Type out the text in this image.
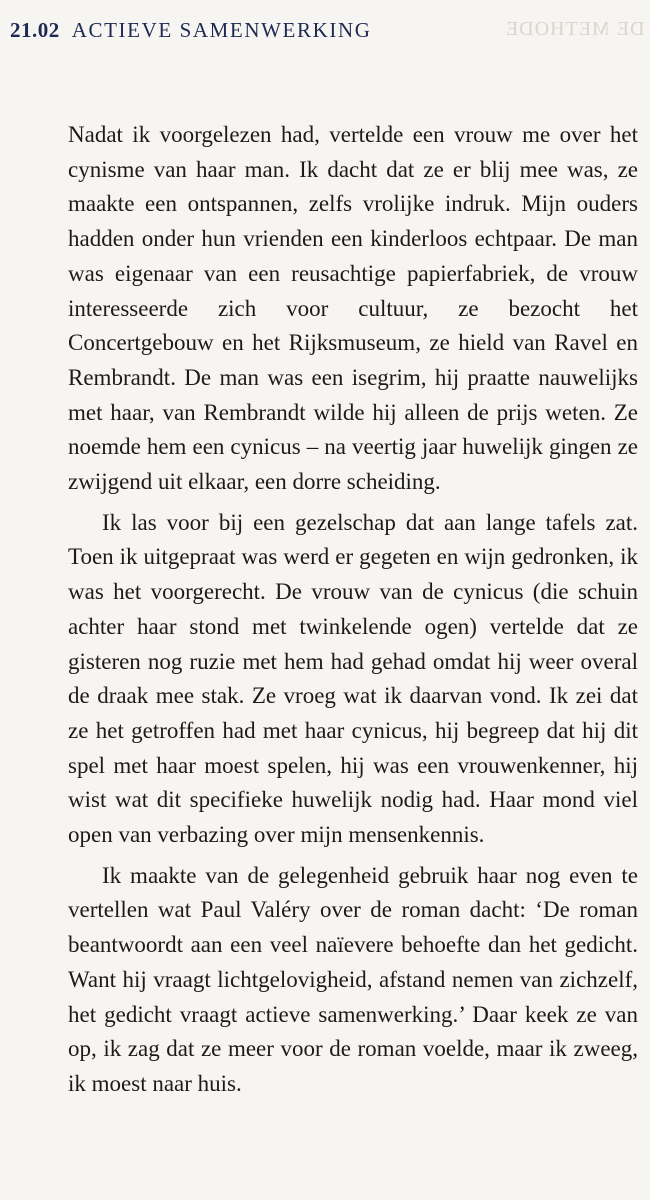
21.02 ACTIEVE SAMENWERKING	DE METHODE

Nadat ik voorgelezen had, vertelde een vrouw me over het cynisme van haar man. Ik dacht dat ze er blij mee was, ze maakte een ontspannen, zelfs vrolijke indruk. Mijn ouders hadden onder hun vrienden een kinderloos echtpaar. De man was eigenaar van een reusachtige papierfabriek, de vrouw interesseerde zich voor cultuur, ze bezocht het Concertgebouw en het Rijksmuseum, ze hield van Ravel en Rembrandt. De man was een isegrim, hij praatte nauwelijks met haar, van Rembrandt wilde hij alleen de prijs weten. Ze noemde hem een cynicus – na veertig jaar huwelijk gingen ze zwijgend uit elkaar, een dorre scheiding.

Ik las voor bij een gezelschap dat aan lange tafels zat. Toen ik uitgepraat was werd er gegeten en wijn gedronken, ik was het voorgerecht. De vrouw van de cynicus (die schuin achter haar stond met twinkelende ogen) vertelde dat ze gisteren nog ruzie met hem had gehad omdat hij weer overal de draak mee stak. Ze vroeg wat ik daarvan vond. Ik zei dat ze het getroffen had met haar cynicus, hij begreep dat hij dit spel met haar moest spelen, hij was een vrouwenkenner, hij wist wat dit specifieke huwelijk nodig had. Haar mond viel open van verbazing over mijn mensenkennis.

Ik maakte van de gelegenheid gebruik haar nog even te vertellen wat Paul Valéry over de roman dacht: ‘De roman beantwoordt aan een veel naïevere behoefte dan het gedicht. Want hij vraagt lichtgelovigheid, afstand nemen van zichzelf, het gedicht vraagt actieve samenwerking.’ Daar keek ze van op, ik zag dat ze meer voor de roman voelde, maar ik zweeg, ik moest naar huis.
